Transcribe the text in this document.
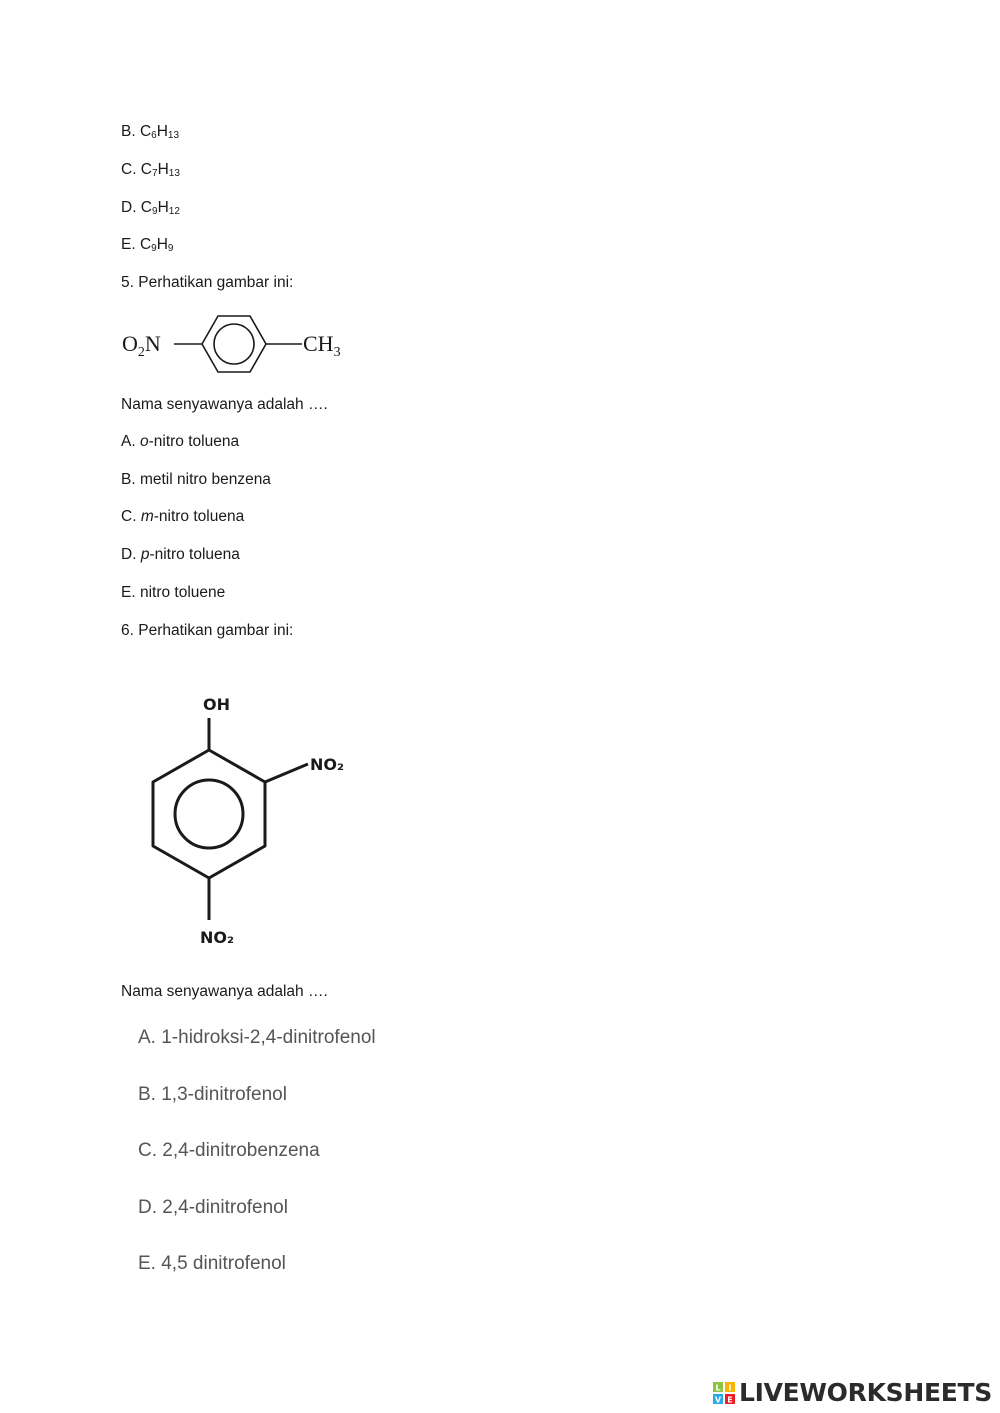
B. $C_6H_{13}$
C. $C_7H_{13}$
D. $C_9H_{12}$
E. $C_9H_9$
5. Perhatikan gambar ini:
$O_2N$	$CH_3$
Nama senyawanya adalah ….
A. o-nitro toluena
B. metil nitro benzena
C. m-nitro toluena
D. p-nitro toluena
E. nitro toluene
6. Perhatikan gambar ini:
OH
NO₂
NO₂
Nama senyawanya adalah ….
A. 1-hidroksi-2,4-dinitrofenol
B. 1,3-dinitrofenol
C. 2,4-dinitrobenzena
D. 2,4-dinitrofenol
E. 4,5 dinitrofenol
L I
V E LIVEWORKSHEETS
